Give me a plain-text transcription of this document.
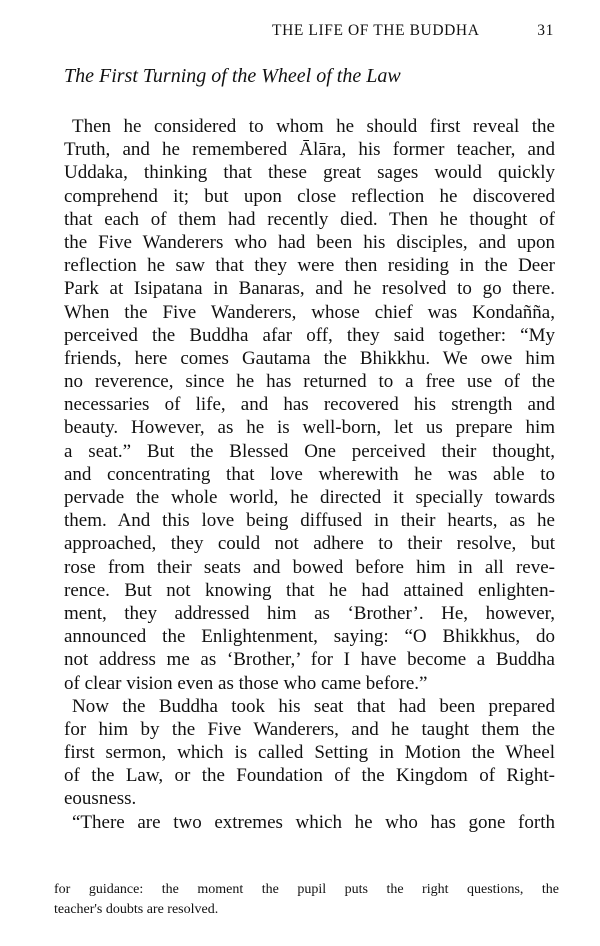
THE LIFE OF THE BUDDHA	31
The First Turning of the Wheel of the Law
Then he considered to whom he should first reveal the
Truth, and he remembered Ālāra, his former teacher, and
Uddaka, thinking that these great sages would quickly
comprehend it; but upon close reflection he discovered
that each of them had recently died. Then he thought of
the Five Wanderers who had been his disciples, and upon
reflection he saw that they were then residing in the Deer
Park at Isipatana in Banaras, and he resolved to go there.
When the Five Wanderers, whose chief was Kondañña,
perceived the Buddha afar off, they said together: “My
friends, here comes Gautama the Bhikkhu. We owe him
no reverence, since he has returned to a free use of the
necessaries of life, and has recovered his strength and
beauty. However, as he is well-born, let us prepare him
a seat.” But the Blessed One perceived their thought,
and concentrating that love wherewith he was able to
pervade the whole world, he directed it specially towards
them. And this love being diffused in their hearts, as he
approached, they could not adhere to their resolve, but
rose from their seats and bowed before him in all reve-
rence. But not knowing that he had attained enlighten-
ment, they addressed him as ‘Brother’. He, however,
announced the Enlightenment, saying: “O Bhikkhus, do
not address me as ‘Brother,’ for I have become a Buddha
of clear vision even as those who came before.”
Now the Buddha took his seat that had been prepared
for him by the Five Wanderers, and he taught them the
first sermon, which is called Setting in Motion the Wheel
of the Law, or the Foundation of the Kingdom of Right-
eousness.
“There are two extremes which he who has gone forth
for guidance: the moment the pupil puts the right questions, the
teacher's doubts are resolved.
